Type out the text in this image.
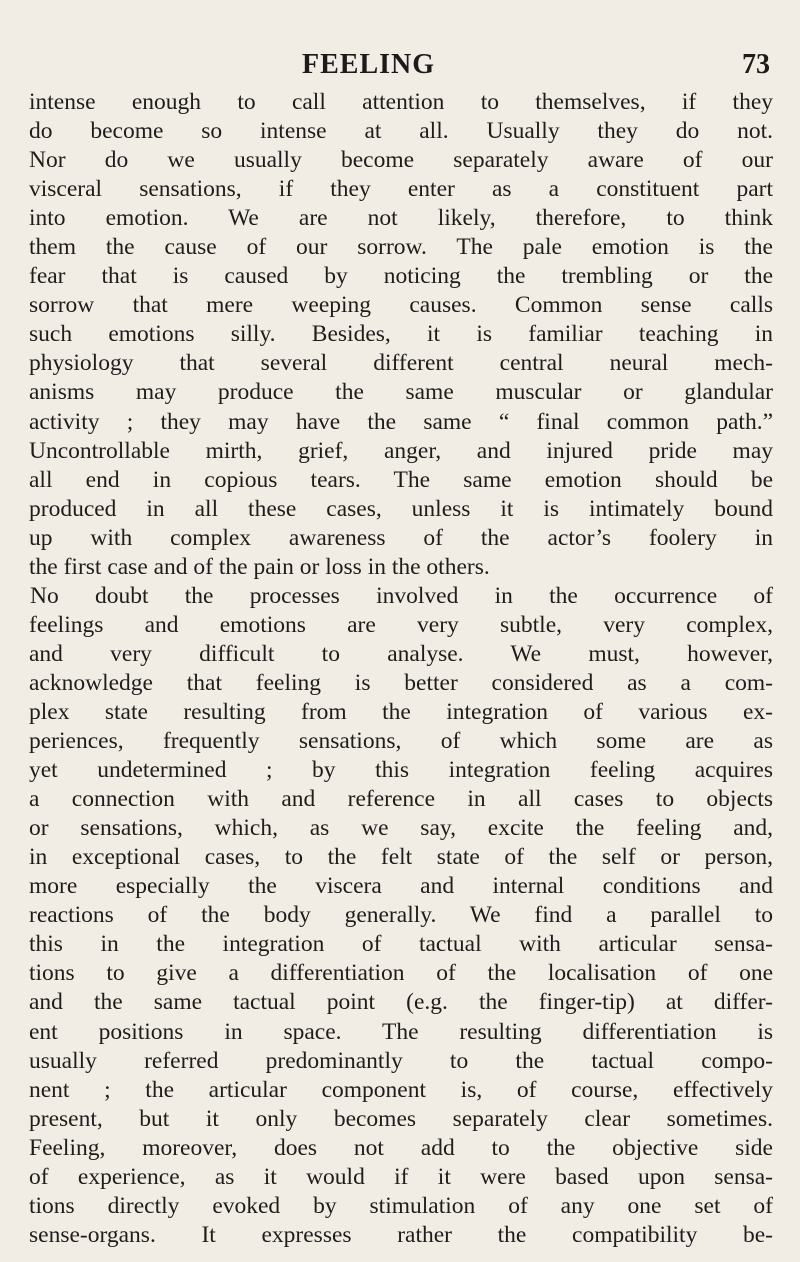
FEELING	73
intense enough to call attention to themselves, if they
do become so intense at all. Usually they do not.
Nor do we usually become separately aware of our
visceral sensations, if they enter as a constituent part
into emotion. We are not likely, therefore, to think
them the cause of our sorrow. The pale emotion is the
fear that is caused by noticing the trembling or the
sorrow that mere weeping causes. Common sense calls
such emotions silly. Besides, it is familiar teaching in
physiology that several different central neural mech-
anisms may produce the same muscular or glandular
activity ; they may have the same “ final common path.”
Uncontrollable mirth, grief, anger, and injured pride may
all end in copious tears. The same emotion should be
produced in all these cases, unless it is intimately bound
up with complex awareness of the actor’s foolery in
the first case and of the pain or loss in the others.
No doubt the processes involved in the occurrence of
feelings and emotions are very subtle, very complex,
and very difficult to analyse. We must, however,
acknowledge that feeling is better considered as a com-
plex state resulting from the integration of various ex-
periences, frequently sensations, of which some are as
yet undetermined ; by this integration feeling acquires
a connection with and reference in all cases to objects
or sensations, which, as we say, excite the feeling and,
in exceptional cases, to the felt state of the self or person,
more especially the viscera and internal conditions and
reactions of the body generally. We find a parallel to
this in the integration of tactual with articular sensa-
tions to give a differentiation of the localisation of one
and the same tactual point (e.g. the finger-tip) at differ-
ent positions in space. The resulting differentiation is
usually referred predominantly to the tactual compo-
nent ; the articular component is, of course, effectively
present, but it only becomes separately clear sometimes.
Feeling, moreover, does not add to the objective side
of experience, as it would if it were based upon sensa-
tions directly evoked by stimulation of any one set of
sense-organs. It expresses rather the compatibility be-
